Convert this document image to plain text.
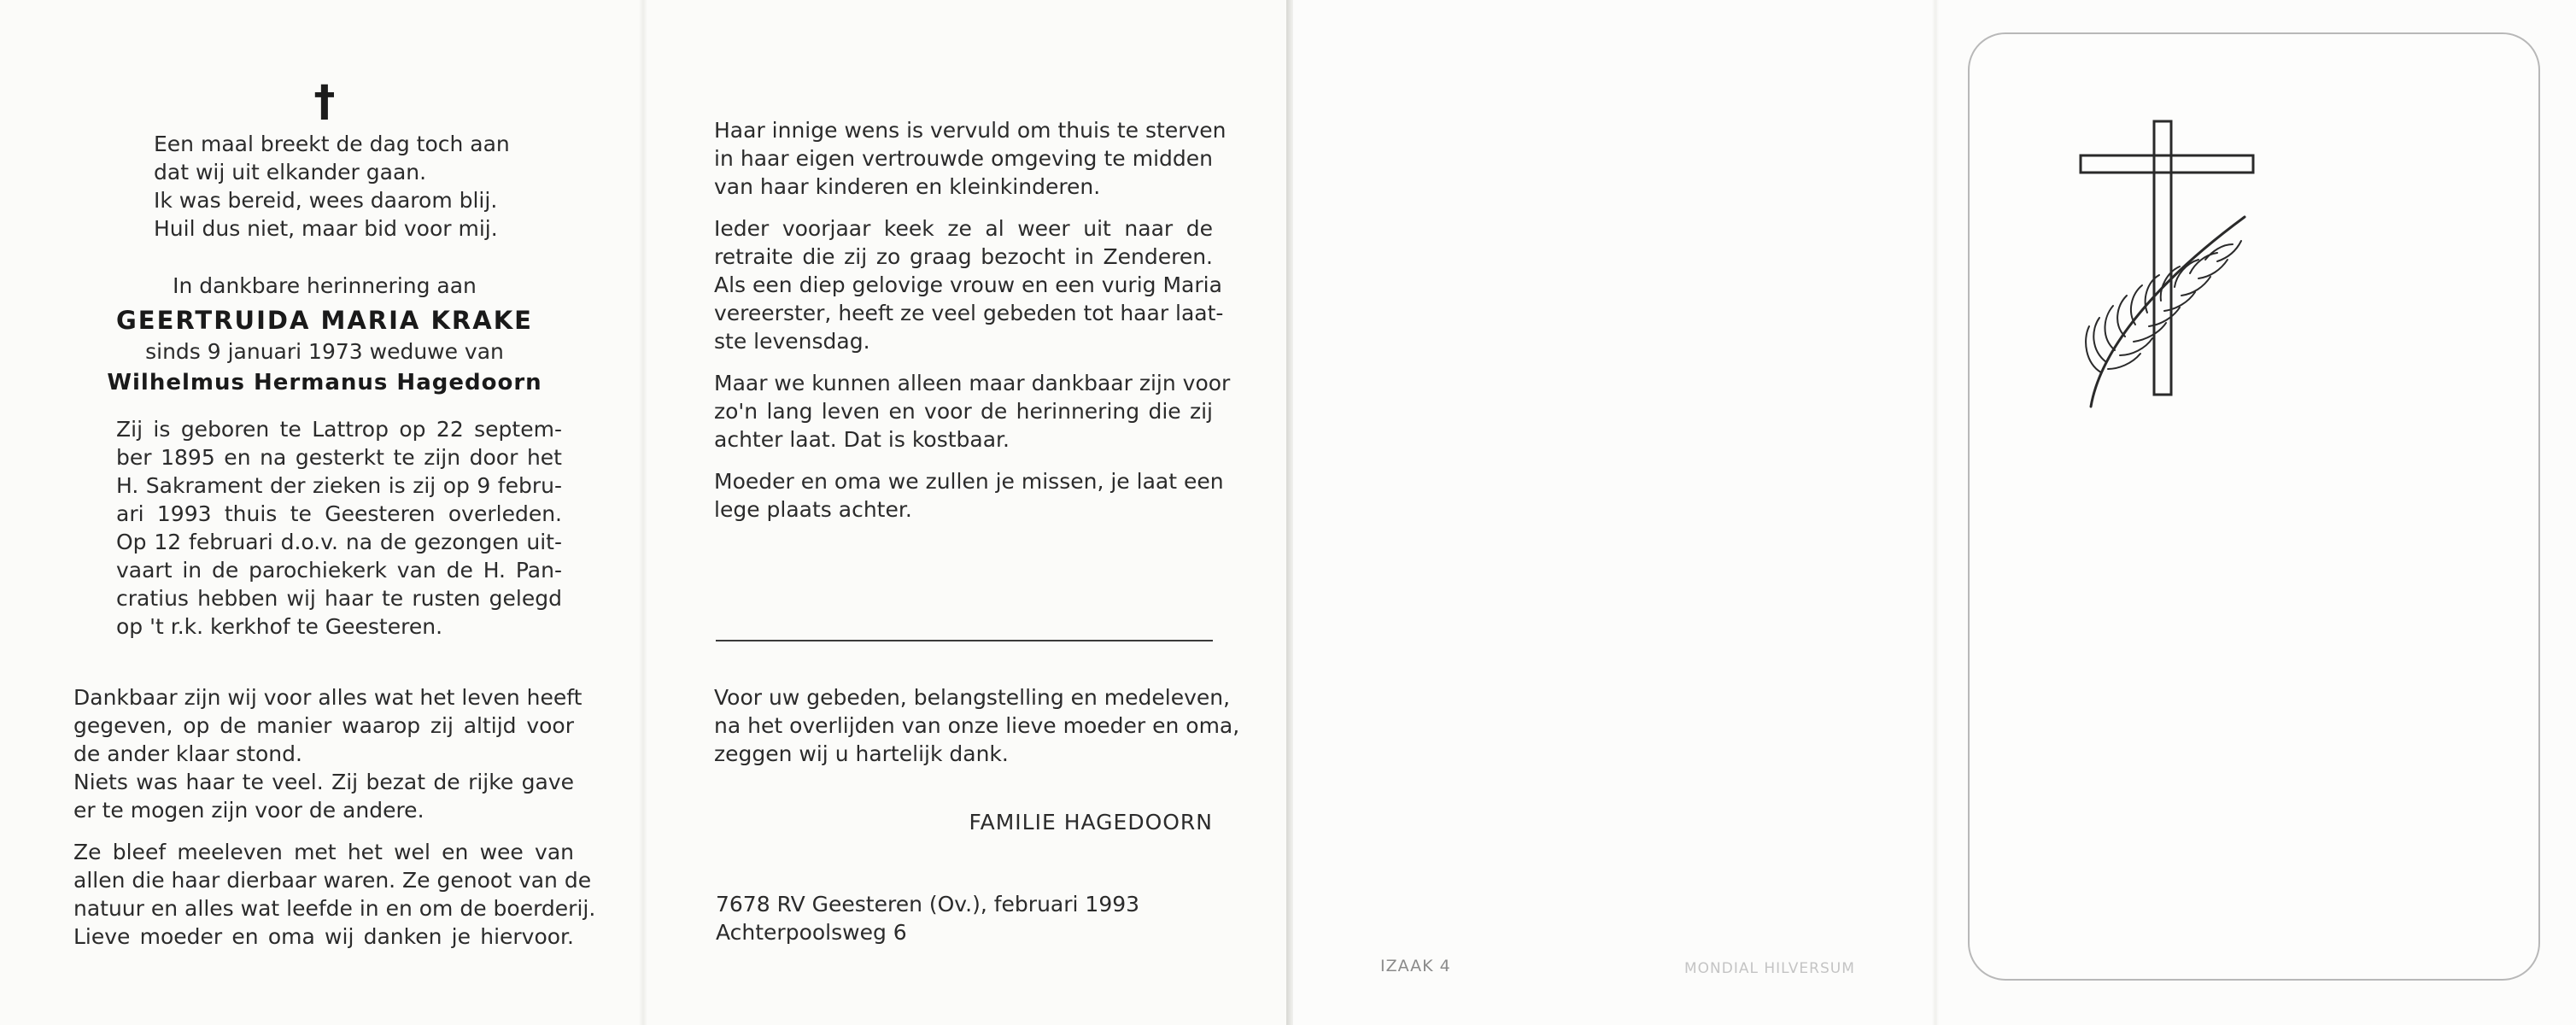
†
Een maal breekt de dag toch aan
dat wij uit elkander gaan.
Ik was bereid, wees daarom blij.
Huil dus niet, maar bid voor mij.
In dankbare herinnering aan
GEERTRUIDA MARIA KRAKE
sinds 9 januari 1973 weduwe van
Wilhelmus Hermanus Hagedoorn
Zij is geboren te Lattrop op 22 septem-
ber 1895 en na gesterkt te zijn door het
H. Sakrament der zieken is zij op 9 febru-
ari 1993 thuis te Geesteren overleden.
Op 12 februari d.o.v. na de gezongen uit-
vaart in de parochiekerk van de H. Pan-
cratius hebben wij haar te rusten gelegd
op 't r.k. kerkhof te Geesteren.
Dankbaar zijn wij voor alles wat het leven heeft
gegeven, op de manier waarop zij altijd voor
de ander klaar stond.
Niets was haar te veel. Zij bezat de rijke gave
er te mogen zijn voor de andere.
Ze bleef meeleven met het wel en wee van
allen die haar dierbaar waren. Ze genoot van de
natuur en alles wat leefde in en om de boerderij.
Lieve moeder en oma wij danken je hiervoor.
Haar innige wens is vervuld om thuis te sterven
in haar eigen vertrouwde omgeving te midden
van haar kinderen en kleinkinderen.
Ieder voorjaar keek ze al weer uit naar de
retraite die zij zo graag bezocht in Zenderen.
Als een diep gelovige vrouw en een vurig Maria
vereerster, heeft ze veel gebeden tot haar laat-
ste levensdag.
Maar we kunnen alleen maar dankbaar zijn voor
zo'n lang leven en voor de herinnering die zij
achter laat. Dat is kostbaar.
Moeder en oma we zullen je missen, je laat een
lege plaats achter.
Voor uw gebeden, belangstelling en medeleven,
na het overlijden van onze lieve moeder en oma,
zeggen wij u hartelijk dank.
FAMILIE HAGEDOORN
7678 RV Geesteren (Ov.), februari 1993
Achterpoolsweg 6
IZAAK 4	MONDIAL HILVERSUM
